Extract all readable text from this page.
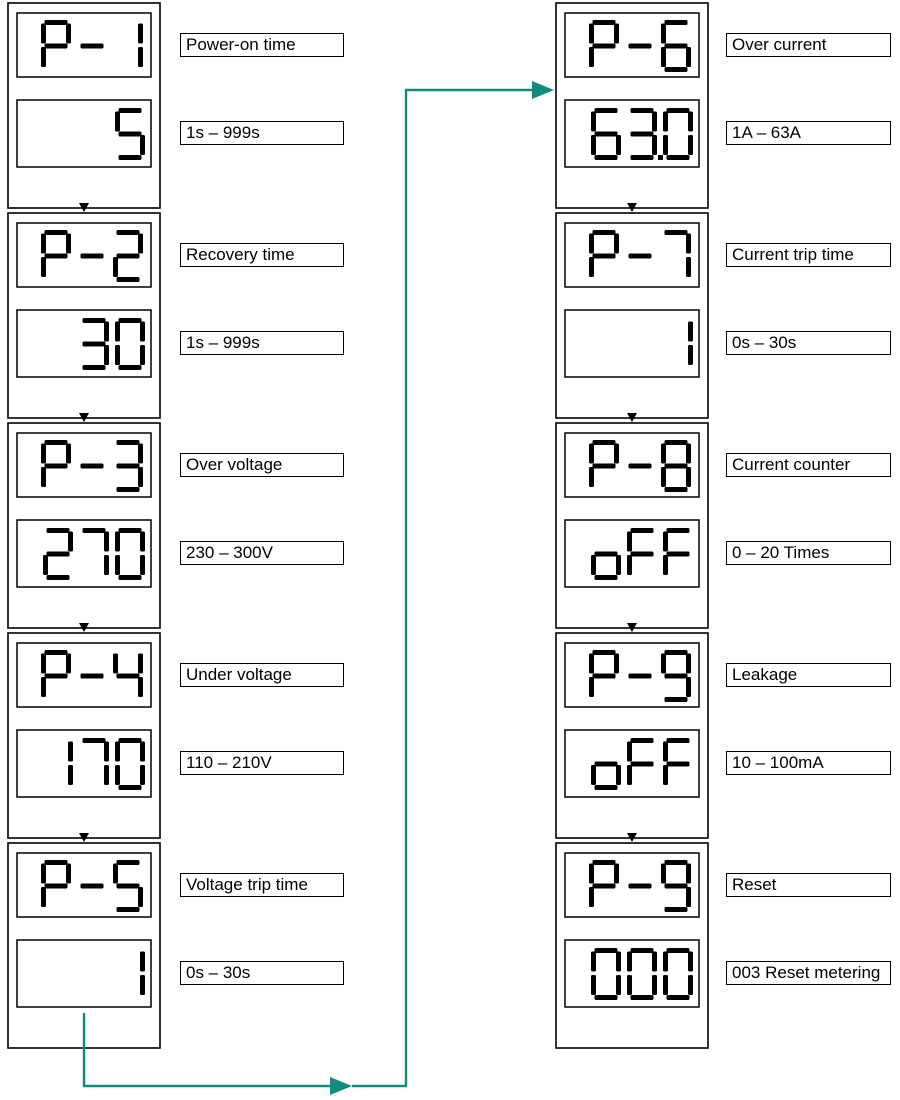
Power-on time
1s – 999s
Recovery time
1s – 999s
Over voltage
230 – 300V
Under voltage
110 – 210V
Voltage trip time
0s – 30s
Over current
1A – 63A
Current trip time
0s – 30s
Current counter
0 – 20 Times
Leakage
10 – 100mA
Reset
003 Reset metering
